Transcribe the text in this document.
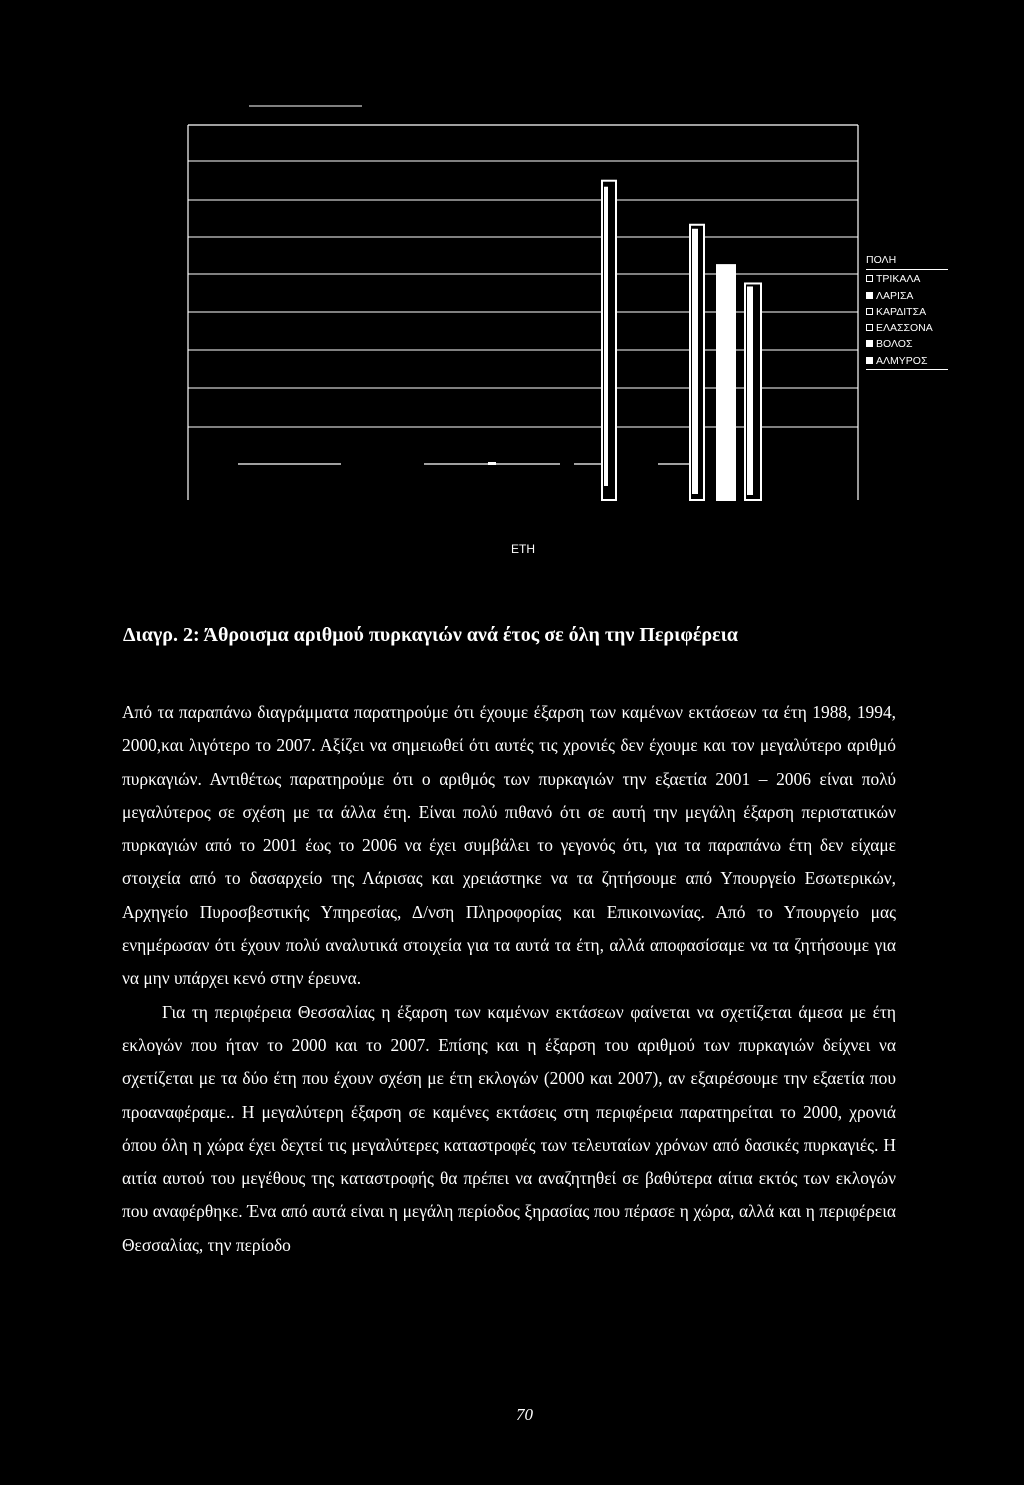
ΠΟΛΗ
ΤΡΙΚΑΛΑ
ΛΑΡΙΣΑ
ΚΑΡΔΙΤΣΑ
ΕΛΑΣΣΟΝΑ
ΒΟΛΟΣ
ΑΛΜΥΡΟΣ
ΕΤΗ
Διαγρ. 2: Άθροισμα αριθμού πυρκαγιών ανά έτος σε όλη την Περιφέρεια

Από τα παραπάνω διαγράμματα παρατηρούμε ότι έχουμε έξαρση των καμένων εκτάσεων τα έτη 1988, 1994, 2000,και λιγότερο το 2007. Αξίζει να σημειωθεί ότι αυτές τις χρονιές δεν έχουμε και τον μεγαλύτερο αριθμό πυρκαγιών. Αντιθέτως παρατηρούμε ότι ο αριθμός των πυρκαγιών την εξαετία 2001 – 2006 είναι πολύ μεγαλύτερος σε σχέση με τα άλλα έτη. Είναι πολύ πιθανό ότι σε αυτή την μεγάλη έξαρση περιστατικών πυρκαγιών από το 2001 έως το 2006 να έχει συμβάλει το γεγονός ότι, για τα παραπάνω έτη δεν είχαμε στοιχεία από το δασαρχείο της Λάρισας και χρειάστηκε να τα ζητήσουμε από Υπουργείο Εσωτερικών, Αρχηγείο Πυροσβεστικής Υπηρεσίας, Δ/νση Πληροφορίας και Επικοινωνίας. Από το Υπουργείο μας ενημέρωσαν ότι έχουν πολύ αναλυτικά στοιχεία για τα αυτά τα έτη, αλλά αποφασίσαμε να τα ζητήσουμε για να μην υπάρχει κενό στην έρευνα.

Για τη περιφέρεια Θεσσαλίας η έξαρση των καμένων εκτάσεων φαίνεται να σχετίζεται άμεσα με έτη εκλογών που ήταν το 2000 και το 2007. Επίσης και η έξαρση του αριθμού των πυρκαγιών δείχνει να σχετίζεται με τα δύο έτη που έχουν σχέση με έτη εκλογών (2000 και 2007), αν εξαιρέσουμε την εξαετία που προαναφέραμε.. Η μεγαλύτερη έξαρση σε καμένες εκτάσεις στη περιφέρεια παρατηρείται το 2000, χρονιά όπου όλη η χώρα έχει δεχτεί τις μεγαλύτερες καταστροφές των τελευταίων χρόνων από δασικές πυρκαγιές. Η αιτία αυτού του μεγέθους της καταστροφής θα πρέπει να αναζητηθεί σε βαθύτερα αίτια εκτός των εκλογών που αναφέρθηκε. Ένα από αυτά είναι η μεγάλη περίοδος ξηρασίας που πέρασε η χώρα, αλλά και η περιφέρεια Θεσσαλίας, την περίοδο

70
